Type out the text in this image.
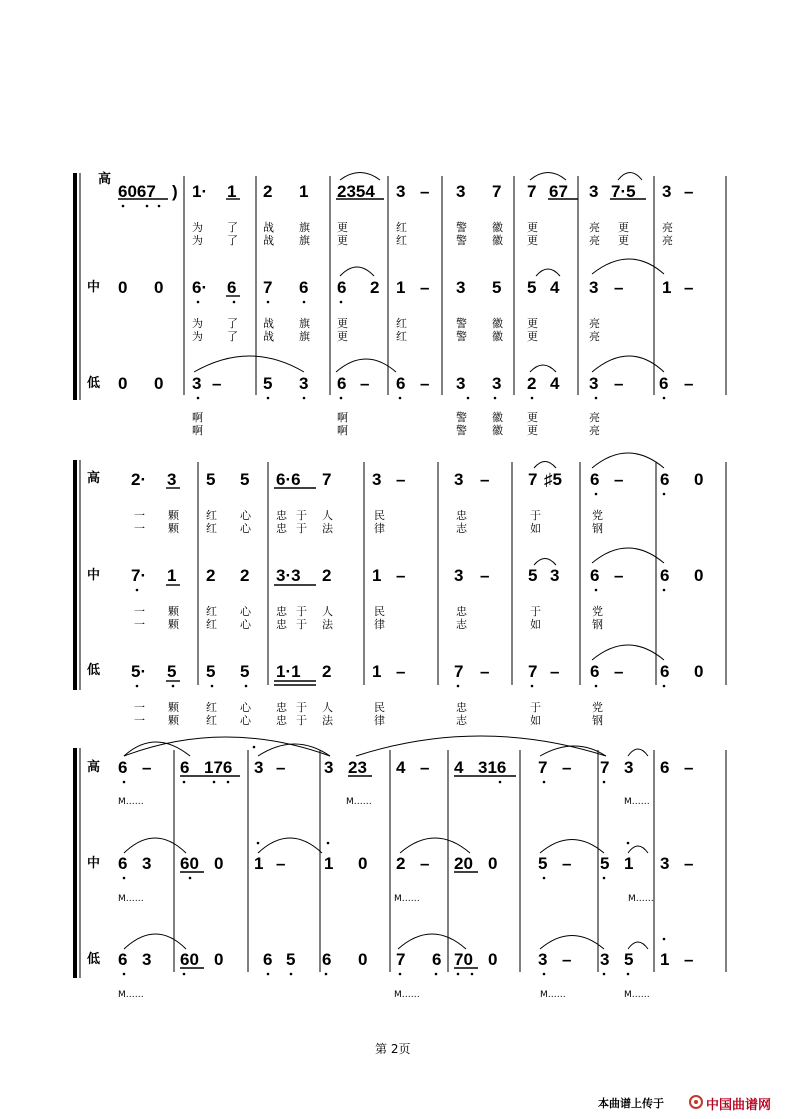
高
中
低
高
中
低
高
中
低
6067 ) 1· 1 2 1 2354 3 – 3 7 7 67 3 7·5 3 –
为 了 战 旗 更	红	警 徽 更	亮 更	亮
为 了 战 旗 更	红	警 徽 更	亮 更	亮
0 0 6· 6 7 6 6 2 1 – 3 5 5 4 3 – 1 –
为 了 战 旗 更	红	警 徽 更	亮
为 了 战 旗 更	红	警 徽 更	亮
0 0 3 – 5 3 6 – 6 – 3 3 2 4 3 – 6 –
啊	啊	警 徽 更	亮
啊	啊	警 徽 更	亮
2· 3 5 5 6·6 7 3 –	3 – 7 ♯5 6 – 6 0
一 颗 红 心 忠 于 人	民	忠	于	党
一 颗 红 心 忠 于 法	律	志	如	钢
7· 1 2 2 3·3 2 1 –	3 – 5 3 6 – 6 0
一 颗 红 心 忠 于 人	民	忠	于	党
一 颗 红 心 忠 于 法	律	志	如	钢
5· 5 5 5 1·1 2 1 –	7 – 7 – 6 – 6 0
一 颗 红 心 忠 于 人	民	忠	于	党
一 颗 红 心 忠 于 法	律	志	如	钢
6 – 6 176 3 – 3 23 4 – 4 316 7 – 7 3 6 –
M……	M……	M……
6 3 60 0 1 – 1 0 2 – 20 0 5 – 5 1 3 –
M……	M……	M……
6 3 60 0 6 5 6 0 7 6 70 0 3 – 3 5 1 –
M……	M……	M……	M……
第 2页
本曲谱上传于	中国曲谱网
